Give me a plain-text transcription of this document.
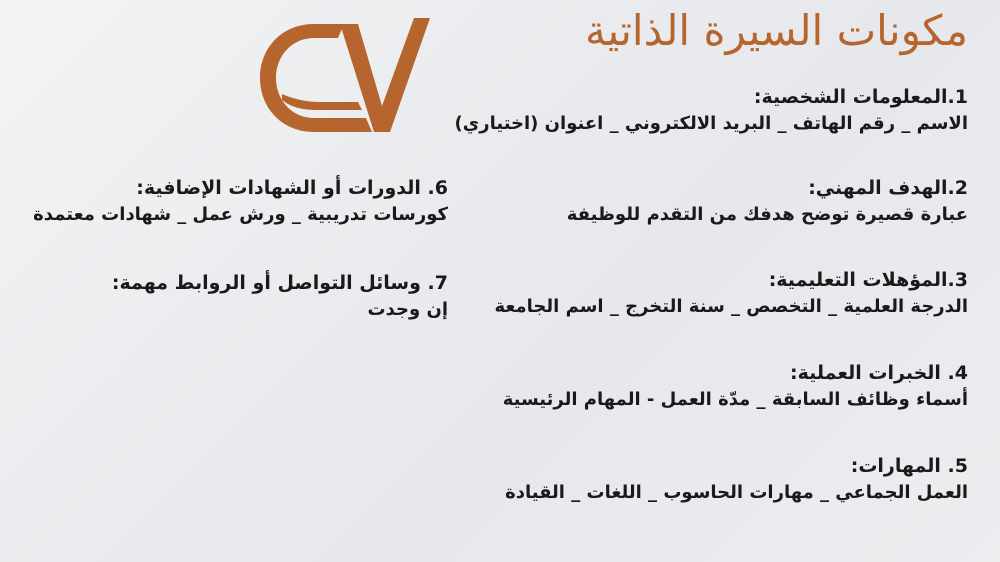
مكونات السيرة الذاتية
1.المعلومات الشخصية:
الاسم _ رقم الهاتف _ البريد الالكتروني _ اعنوان (اختياري)
2.الهدف المهني:
عبارة قصيرة توضح هدفك من التقدم للوظيفة
3.المؤهلات التعليمية:
الدرجة العلمية _ التخصص _ سنة التخرج _ اسم الجامعة
4. الخبرات العملية:
أسماء وظائف السابقة _ مدّة العمل - المهام الرئيسية
5. المهارات:
العمل الجماعي _ مهارات الحاسوب _ اللغات _ القيادة
6. الدورات أو الشهادات الإضافية:
كورسات تدريبية _ ورش عمل _ شهادات معتمدة
7. وسائل التواصل أو الروابط مهمة:
إن وجدت
